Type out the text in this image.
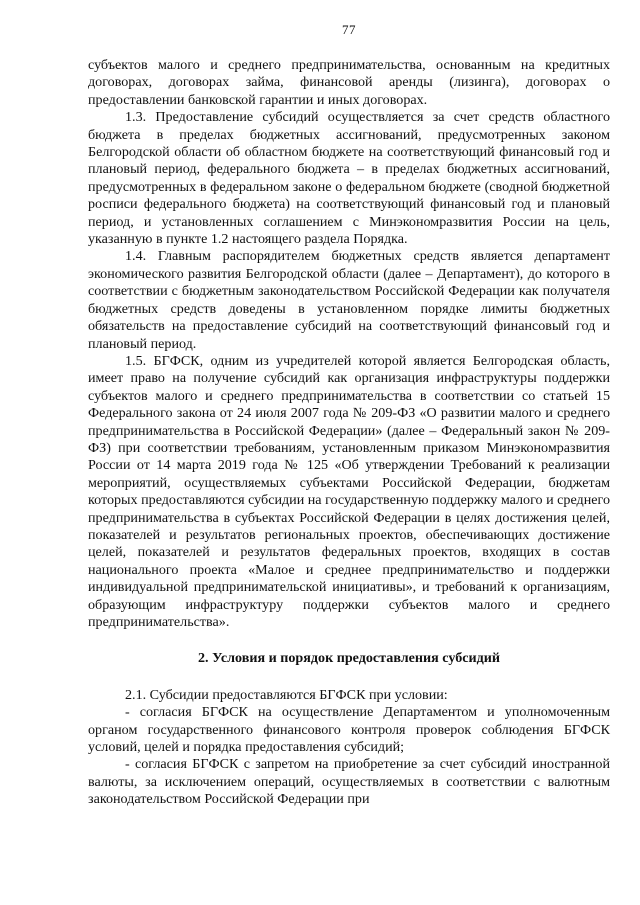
77

субъектов малого и среднего предпринимательства, основанным на кредитных договорах, договорах займа, финансовой аренды (лизинга), договорах о предоставлении банковской гарантии и иных договорах.

1.3. Предоставление субсидий осуществляется за счет средств областного бюджета в пределах бюджетных ассигнований, предусмотренных законом Белгородской области об областном бюджете на соответствующий финансовый год и плановый период, федерального бюджета – в пределах бюджетных ассигнований, предусмотренных в федеральном законе о федеральном бюджете (сводной бюджетной росписи федерального бюджета) на соответствующий финансовый год и плановый период, и установленных соглашением с Минэкономразвития России на цель, указанную в пункте 1.2 настоящего раздела Порядка.

1.4. Главным распорядителем бюджетных средств является департамент экономического развития Белгородской области (далее – Департамент), до которого в соответствии с бюджетным законодательством Российской Федерации как получателя бюджетных средств доведены в установленном порядке лимиты бюджетных обязательств на предоставление субсидий на соответствующий финансовый год и плановый период.

1.5. БГФСК, одним из учредителей которой является Белгородская область, имеет право на получение субсидий как организация инфраструктуры поддержки субъектов малого и среднего предпринимательства в соответствии со статьей 15 Федерального закона от 24 июля 2007 года № 209-ФЗ «О развитии малого и среднего предпринимательства в Российской Федерации» (далее – Федеральный закон № 209-ФЗ) при соответствии требованиям, установленным приказом Минэкономразвития России от 14 марта 2019 года № 125 «Об утверждении Требований к реализации мероприятий, осуществляемых субъектами Российской Федерации, бюджетам которых предоставляются субсидии на государственную поддержку малого и среднего предпринимательства в субъектах Российской Федерации в целях достижения целей, показателей и результатов региональных проектов, обеспечивающих достижение целей, показателей и результатов федеральных проектов, входящих в состав национального проекта «Малое и среднее предпринимательство и поддержки индивидуальной предпринимательской инициативы», и требований к организациям, образующим инфраструктуру поддержки субъектов малого и среднего предпринимательства».

2. Условия и порядок предоставления субсидий

2.1. Субсидии предоставляются БГФСК при условии:

- согласия БГФСК на осуществление Департаментом и уполномоченным органом государственного финансового контроля проверок соблюдения БГФСК условий, целей и порядка предоставления субсидий;

- согласия БГФСК с запретом на приобретение за счет субсидий иностранной валюты, за исключением операций, осуществляемых в соответствии с валютным законодательством Российской Федерации при
